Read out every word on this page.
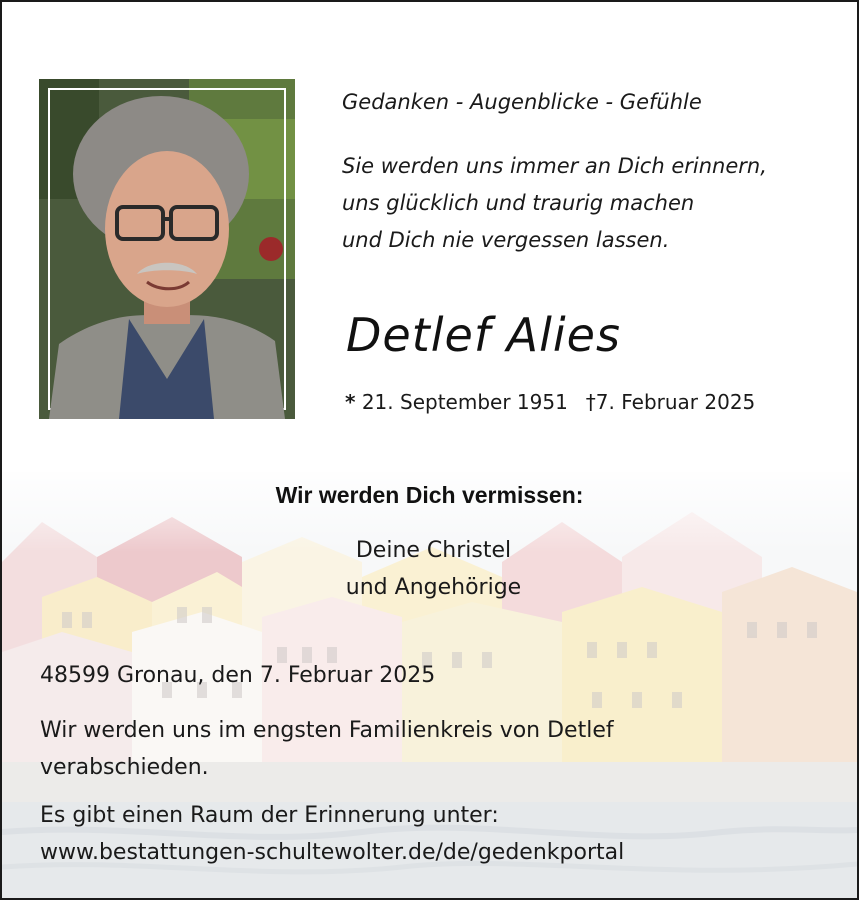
Gedanken - Augenblicke - Gefühle
Sie werden uns immer an Dich erinnern,
uns glücklich und traurig machen
und Dich nie vergessen lassen.
Detlef Alies
* 21. September 1951 †7. Februar 2025
Wir werden Dich vermissen:
Deine Christel
und Angehörige
48599 Gronau, den 7. Februar 2025
Wir werden uns im engsten Familienkreis von Detlef
verabschieden.
Es gibt einen Raum der Erinnerung unter:
www.bestattungen-schultewolter.de/de/gedenkportal
